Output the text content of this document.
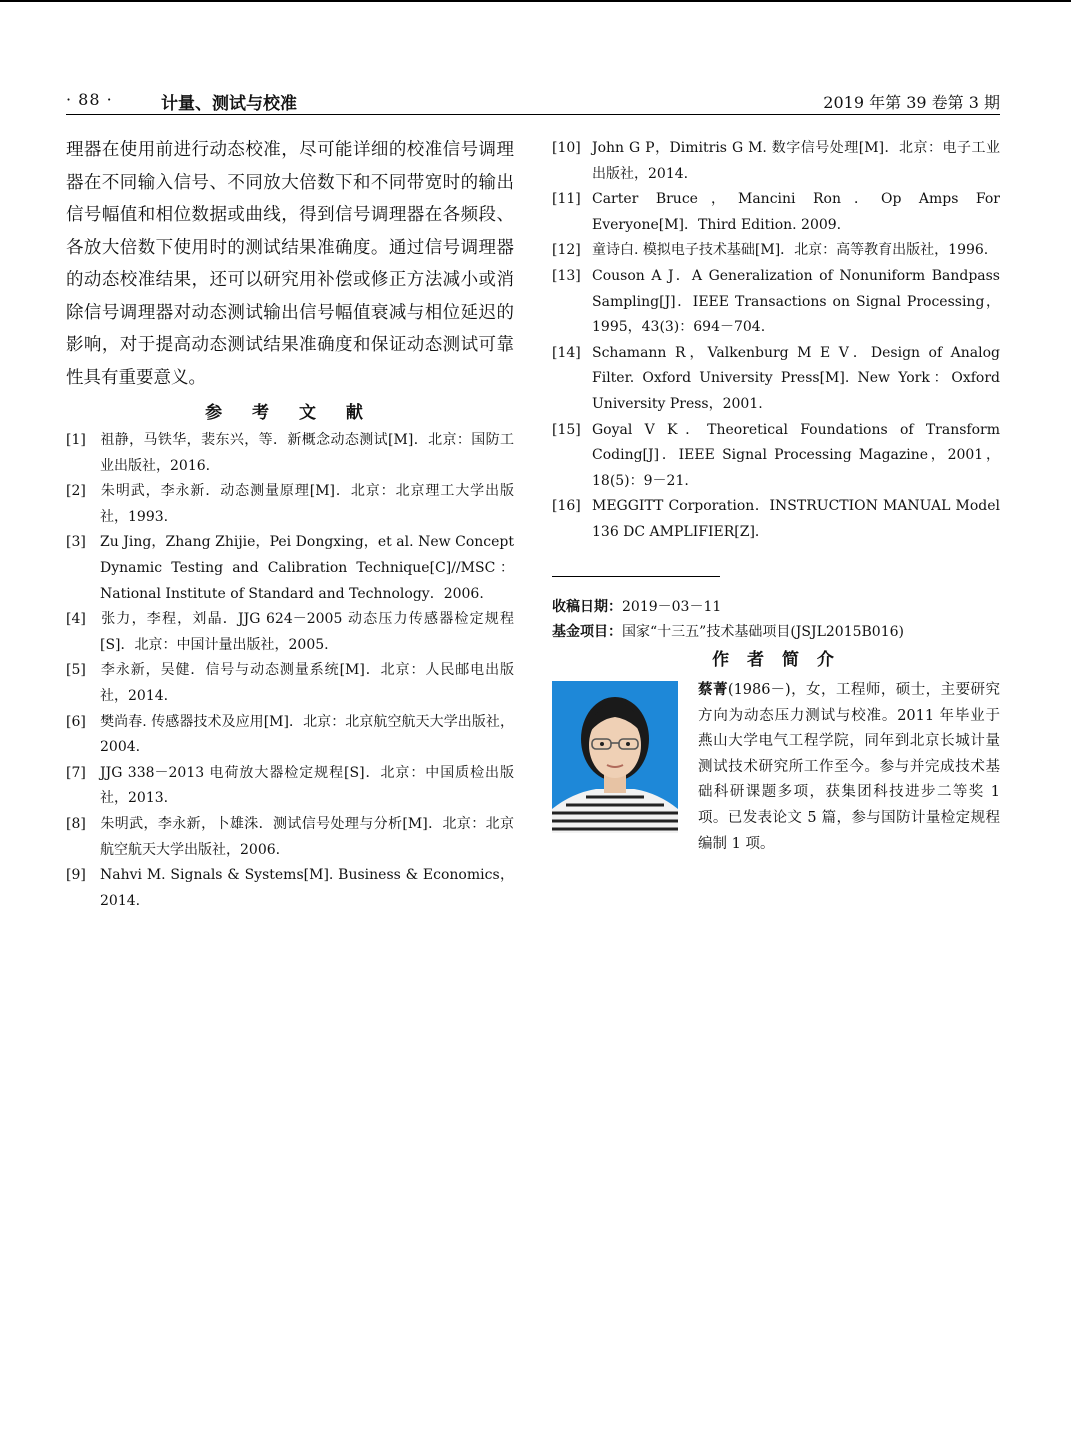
· 88 ·	计量、测试与校准	2019 年第 39 卷第 3 期

理器在使用前进行动态校准，尽可能详细的校准信号调理器在不同输入信号、不同放大倍数下和不同带宽时的输出信号幅值和相位数据或曲线，得到信号调理器在各频段、各放大倍数下使用时的测试结果准确度。通过信号调理器的动态校准结果，还可以研究用补偿或修正方法减小或消除信号调理器对动态测试输出信号幅值衰减与相位延迟的影响，对于提高动态测试结果准确度和保证动态测试可靠性具有重要意义。

参 考 文 献
[1] 祖静，马铁华，裴东兴，等．新概念动态测试[M]．北京：国防工业出版社，2016.
[2] 朱明武，李永新．动态测量原理[M]．北京：北京理工大学出版社，1993.
[3] Zu Jing，Zhang Zhijie，Pei Dongxing，et al. New Concept Dynamic Testing and Calibration Technique[C]//MSC：National Institute of Standard and Technology．2006.
[4] 张力，李程，刘晶．JJG 624－2005 动态压力传感器检定规程[S]．北京：中国计量出版社，2005.
[5] 李永新，吴健．信号与动态测量系统[M]．北京：人民邮电出版社，2014.
[6] 樊尚春. 传感器技术及应用[M]．北京：北京航空航天大学出版社，2004.
[7] JJG 338－2013 电荷放大器检定规程[S]．北京：中国质检出版社，2013.
[8] 朱明武，李永新，卜雄洙．测试信号处理与分析[M]．北京：北京航空航天大学出版社，2006.
[9] Nahvi M. Signals & Systems[M]. Business & Economics，2014.
[10] John G P，Dimitris G M. 数字信号处理[M]．北京：电子工业出版社，2014.
[11] Carter Bruce，Mancini Ron．Op Amps For Everyone[M]．Third Edition. 2009.
[12] 童诗白. 模拟电子技术基础[M]．北京：高等教育出版社，1996.
[13] Couson A J．A Generalization of Nonuniform Bandpass Sampling[J]．IEEE Transactions on Signal Processing，1995，43(3)：694－704.
[14] Schamann R，Valkenburg M E V．Design of Analog Filter. Oxford University Press[M]. New York：Oxford University Press，2001.
[15] Goyal V K．Theoretical Foundations of Transform Coding[J]．IEEE Signal Processing Magazine，2001，18(5)：9－21.
[16] MEGGITT Corporation．INSTRUCTION MANUAL Model 136 DC AMPLIFIER[Z]．
收稿日期：2019－03－11
基金项目：国家“十三五”技术基础项目(JSJL2015B016)
作 者 简 介
蔡菁(1986－)，女，工程师，硕士，主要研究方向为动态压力测试与校准。2011 年毕业于燕山大学电气工程学院，同年到北京长城计量测试技术研究所工作至今。参与并完成技术基础科研课题多项，获集团科技进步二等奖 1 项。已发表论文 5 篇，参与国防计量检定规程编制 1 项。
